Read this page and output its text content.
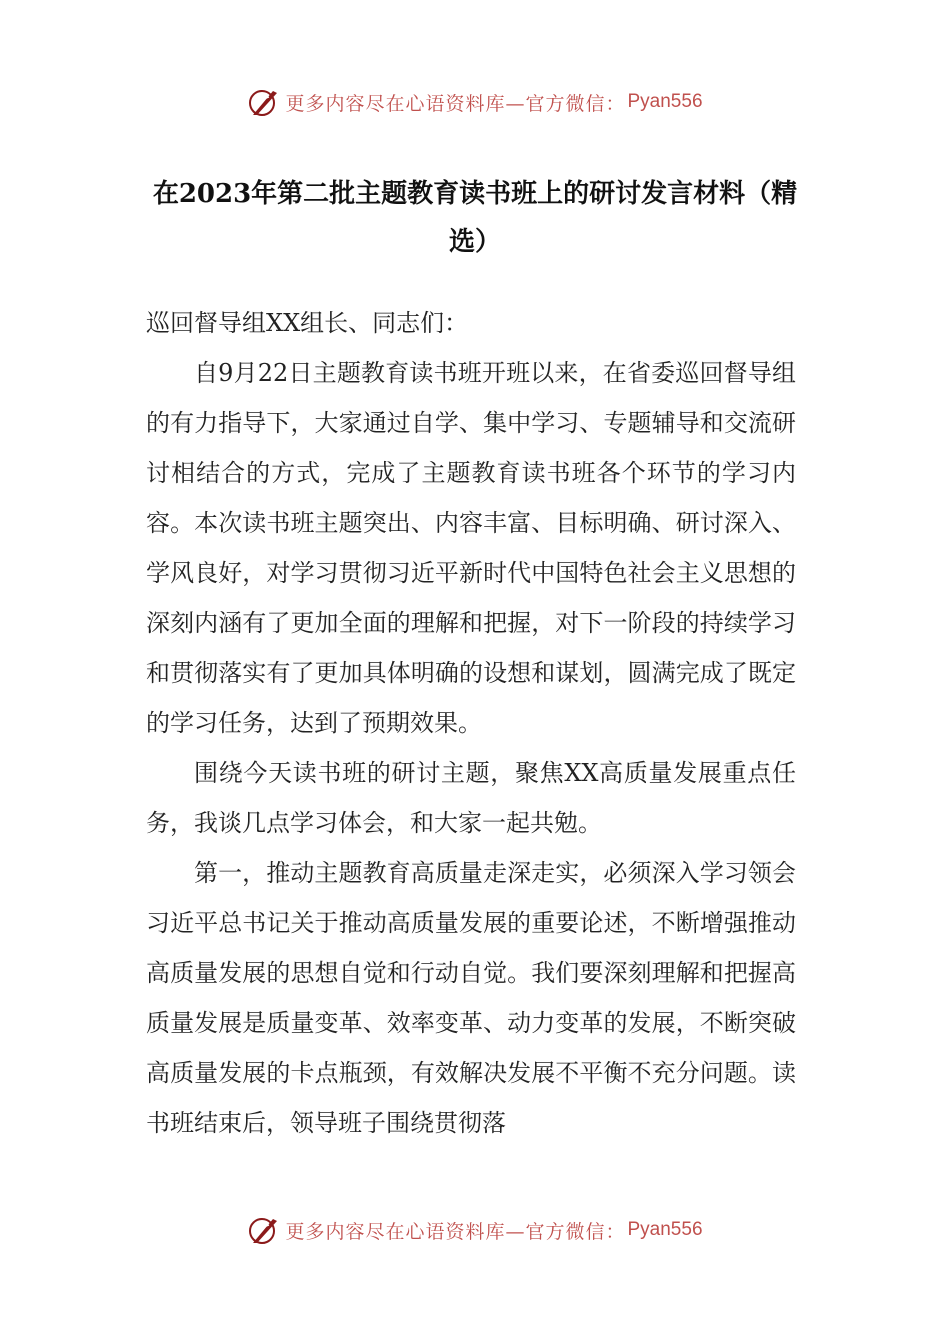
更多内容尽在心语资料库—官方微信： Pyan556
在2023年第二批主题教育读书班上的研讨发言材料（精选）

巡回督导组XX组长、同志们：

自9月22日主题教育读书班开班以来，在省委巡回督导组的有力指导下，大家通过自学、集中学习、专题辅导和交流研讨相结合的方式，完成了主题教育读书班各个环节的学习内容。本次读书班主题突出、内容丰富、目标明确、研讨深入、学风良好，对学习贯彻习近平新时代中国特色社会主义思想的深刻内涵有了更加全面的理解和把握，对下一阶段的持续学习和贯彻落实有了更加具体明确的设想和谋划，圆满完成了既定的学习任务，达到了预期效果。

围绕今天读书班的研讨主题，聚焦XX高质量发展重点任务，我谈几点学习体会，和大家一起共勉。

第一，推动主题教育高质量走深走实，必须深入学习领会习近平总书记关于推动高质量发展的重要论述，不断增强推动高质量发展的思想自觉和行动自觉。我们要深刻理解和把握高质量发展是质量变革、效率变革、动力变革的发展，不断突破高质量发展的卡点瓶颈，有效解决发展不平衡不充分问题。读书班结束后，领导班子围绕贯彻落

更多内容尽在心语资料库—官方微信： Pyan556
